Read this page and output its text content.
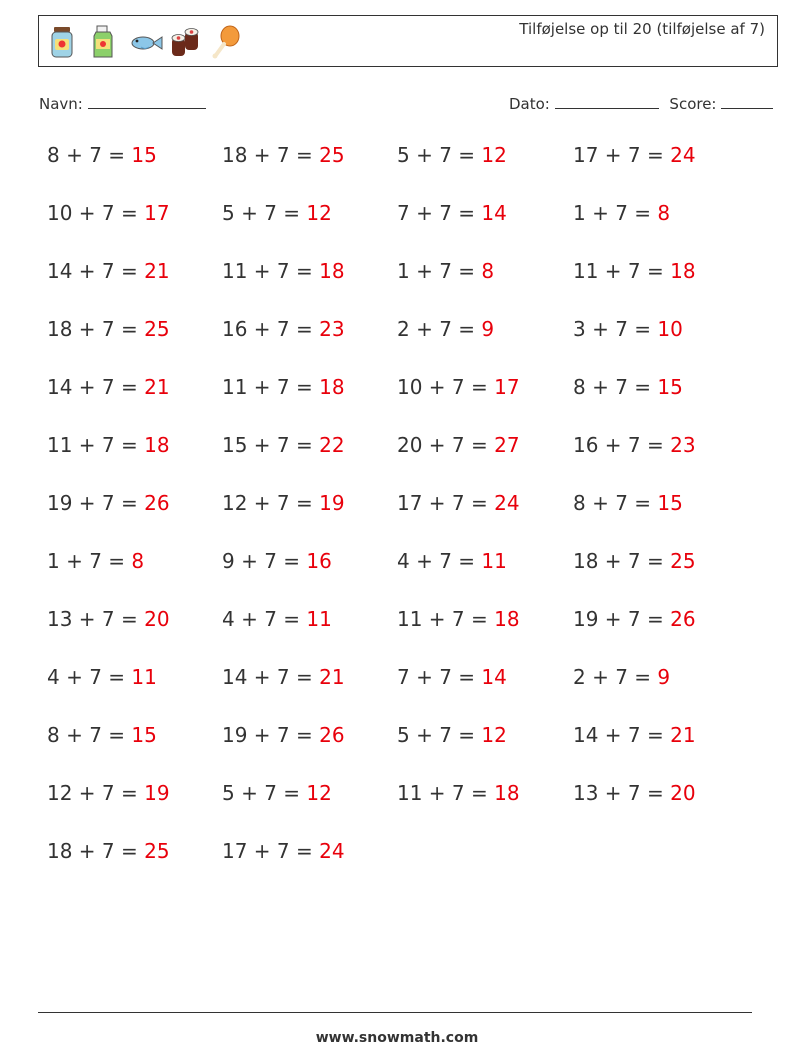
Tilføjelse op til 20 (tilføjelse af 7)
Navn:	Dato:	Score:
8 + 7 = 15	18 + 7 = 25	5 + 7 = 12	17 + 7 = 24
10 + 7 = 17	5 + 7 = 12	7 + 7 = 14	1 + 7 = 8
14 + 7 = 21	11 + 7 = 18	1 + 7 = 8	11 + 7 = 18
18 + 7 = 25	16 + 7 = 23	2 + 7 = 9	3 + 7 = 10
14 + 7 = 21	11 + 7 = 18	10 + 7 = 17	8 + 7 = 15
11 + 7 = 18	15 + 7 = 22	20 + 7 = 27	16 + 7 = 23
19 + 7 = 26	12 + 7 = 19	17 + 7 = 24	8 + 7 = 15
1 + 7 = 8	9 + 7 = 16	4 + 7 = 11	18 + 7 = 25
13 + 7 = 20	4 + 7 = 11	11 + 7 = 18	19 + 7 = 26
4 + 7 = 11	14 + 7 = 21	7 + 7 = 14	2 + 7 = 9
8 + 7 = 15	19 + 7 = 26	5 + 7 = 12	14 + 7 = 21
12 + 7 = 19	5 + 7 = 12	11 + 7 = 18	13 + 7 = 20
18 + 7 = 25	17 + 7 = 24
www.snowmath.com
